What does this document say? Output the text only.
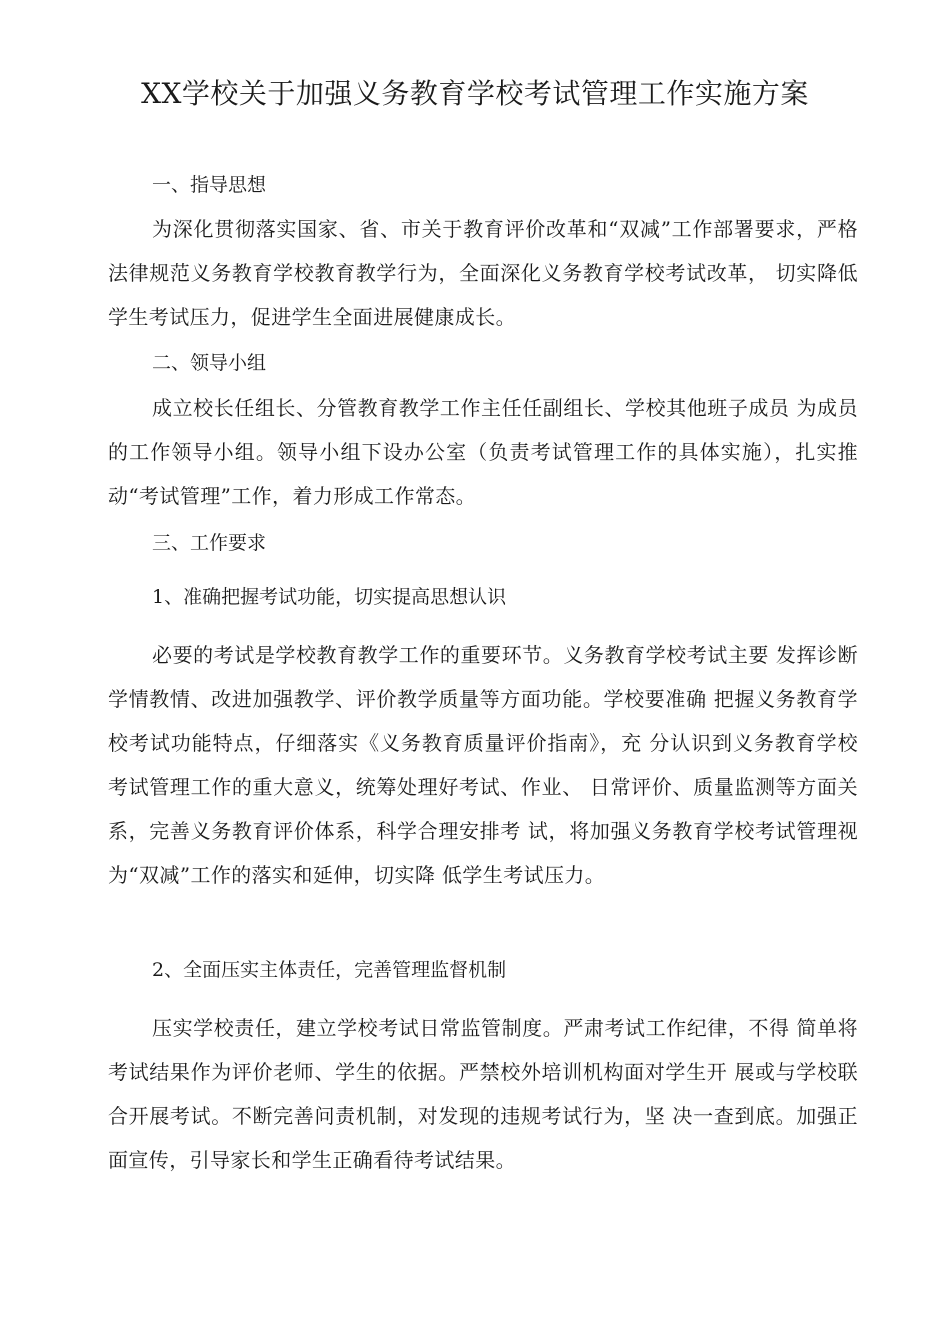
XX学校关于加强义务教育学校考试管理工作实施方案
一、指导思想
为深化贯彻落实国家、省、市关于教育评价改革和“双减”工作部署要求，严格法律规范义务教育学校教育教学行为，全面深化义务教育学校考试改革， 切实降低学生考试压力，促进学生全面进展健康成长。
二、领导小组
成立校长任组长、分管教育教学工作主任任副组长、学校其他班子成员 为成员的工作领导小组。领导小组下设办公室（负责考试管理工作的具体实施），扎实推动“考试管理”工作，着力形成工作常态。
三、工作要求
1、准确把握考试功能，切实提高思想认识
必要的考试是学校教育教学工作的重要环节。义务教育学校考试主要 发挥诊断学情教情、改进加强教学、评价教学质量等方面功能。学校要准确 把握义务教育学校考试功能特点，仔细落实《义务教育质量评价指南》，充 分认识到义务教育学校考试管理工作的重大意义，统筹处理好考试、作业、 日常评价、质量监测等方面关系，完善义务教育评价体系，科学合理安排考 试，将加强义务教育学校考试管理视为“双减”工作的落实和延伸，切实降 低学生考试压力。
2、全面压实主体责任，完善管理监督机制
压实学校责任，建立学校考试日常监管制度。严肃考试工作纪律，不得 简单将考试结果作为评价老师、学生的依据。严禁校外培训机构面对学生开 展或与学校联合开展考试。不断完善问责机制，对发现的违规考试行为，坚 决一查到底。加强正面宣传，引导家长和学生正确看待考试结果。
